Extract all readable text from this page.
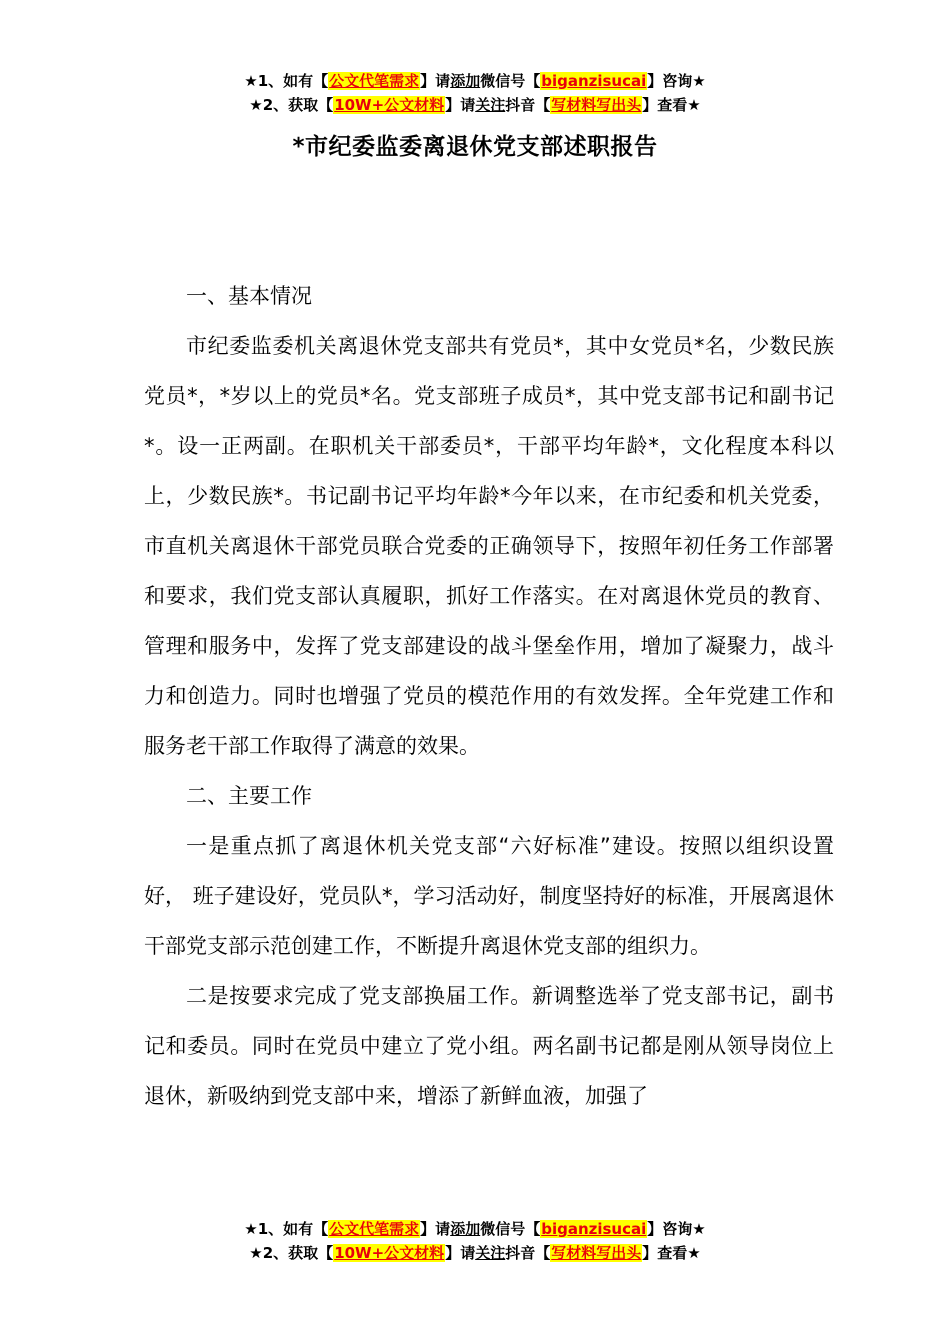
★1、如有【公文代笔需求】请添加微信号【biganzisucai】咨询★
★2、获取【10W+公文材料】请关注抖音【写材料写出头】查看★
*市纪委监委离退休党支部述职报告

一、基本情况

市纪委监委机关离退休党支部共有党员*，其中女党员*名，少数民族党员*，*岁以上的党员*名。党支部班子成员*，其中党支部书记和副书记*。设一正两副。在职机关干部委员*，干部平均年龄*，文化程度本科以上，少数民族*。书记副书记平均年龄*今年以来，在市纪委和机关党委，市直机关离退休干部党员联合党委的正确领导下，按照年初任务工作部署和要求，我们党支部认真履职，抓好工作落实。在对离退休党员的教育、管理和服务中，发挥了党支部建设的战斗堡垒作用，增加了凝聚力，战斗力和创造力。同时也增强了党员的模范作用的有效发挥。全年党建工作和服务老干部工作取得了满意的效果。

二、主要工作

一是重点抓了离退休机关党支部“六好标准”建设。按照以组织设置好， 班子建设好，党员队*，学习活动好，制度坚持好的标准，开展离退休干部党支部示范创建工作，不断提升离退休党支部的组织力。

二是按要求完成了党支部换届工作。新调整选举了党支部书记，副书记和委员。同时在党员中建立了党小组。两名副书记都是刚从领导岗位上退休，新吸纳到党支部中来，增添了新鲜血液，加强了

★1、如有【公文代笔需求】请添加微信号【biganzisucai】咨询★
★2、获取【10W+公文材料】请关注抖音【写材料写出头】查看★
